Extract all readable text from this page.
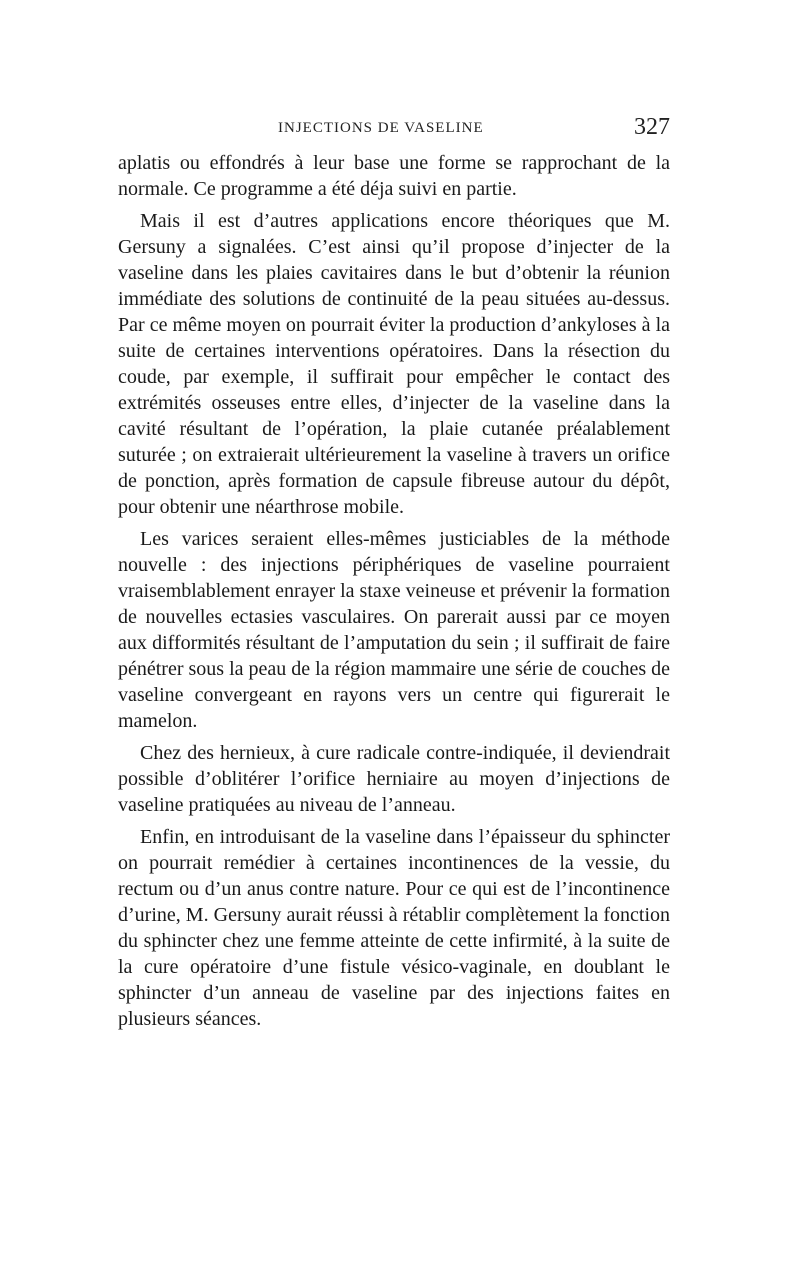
INJECTIONS DE VASELINE	327

aplatis ou effondrés à leur base une forme se rapprochant de la normale. Ce programme a été déja suivi en partie.

Mais il est d’autres applications encore théoriques que M. Gersuny a signalées. C’est ainsi qu’il propose d’injecter de la vaseline dans les plaies cavitaires dans le but d’obtenir la réunion immédiate des solutions de continuité de la peau situées au-dessus. Par ce même moyen on pourrait éviter la production d’ankyloses à la suite de certaines interventions opératoires. Dans la résection du coude, par exemple, il suffirait pour empêcher le contact des extrémités osseuses entre elles, d’injecter de la vaseline dans la cavité résultant de l’opération, la plaie cutanée préalablement suturée ; on extraierait ultérieurement la vaseline à travers un orifice de ponction, après formation de capsule fibreuse autour du dépôt, pour obtenir une néarthrose mobile.

Les varices seraient elles-mêmes justiciables de la méthode nouvelle : des injections périphériques de vaseline pourraient vraisemblablement enrayer la staxe veineuse et prévenir la formation de nouvelles ectasies vasculaires. On parerait aussi par ce moyen aux difformités résultant de l’amputation du sein ; il suffirait de faire pénétrer sous la peau de la région mammaire une série de couches de vaseline convergeant en rayons vers un centre qui figurerait le mamelon.

Chez des hernieux, à cure radicale contre-indiquée, il deviendrait possible d’oblitérer l’orifice herniaire au moyen d’injections de vaseline pratiquées au niveau de l’anneau.

Enfin, en introduisant de la vaseline dans l’épaisseur du sphincter on pourrait remédier à certaines incontinences de la vessie, du rectum ou d’un anus contre nature. Pour ce qui est de l’incontinence d’urine, M. Gersuny aurait réussi à rétablir complètement la fonction du sphincter chez une femme atteinte de cette infirmité, à la suite de la cure opératoire d’une fistule vésico-vaginale, en doublant le sphincter d’un anneau de vaseline par des injections faites en plusieurs séances.
